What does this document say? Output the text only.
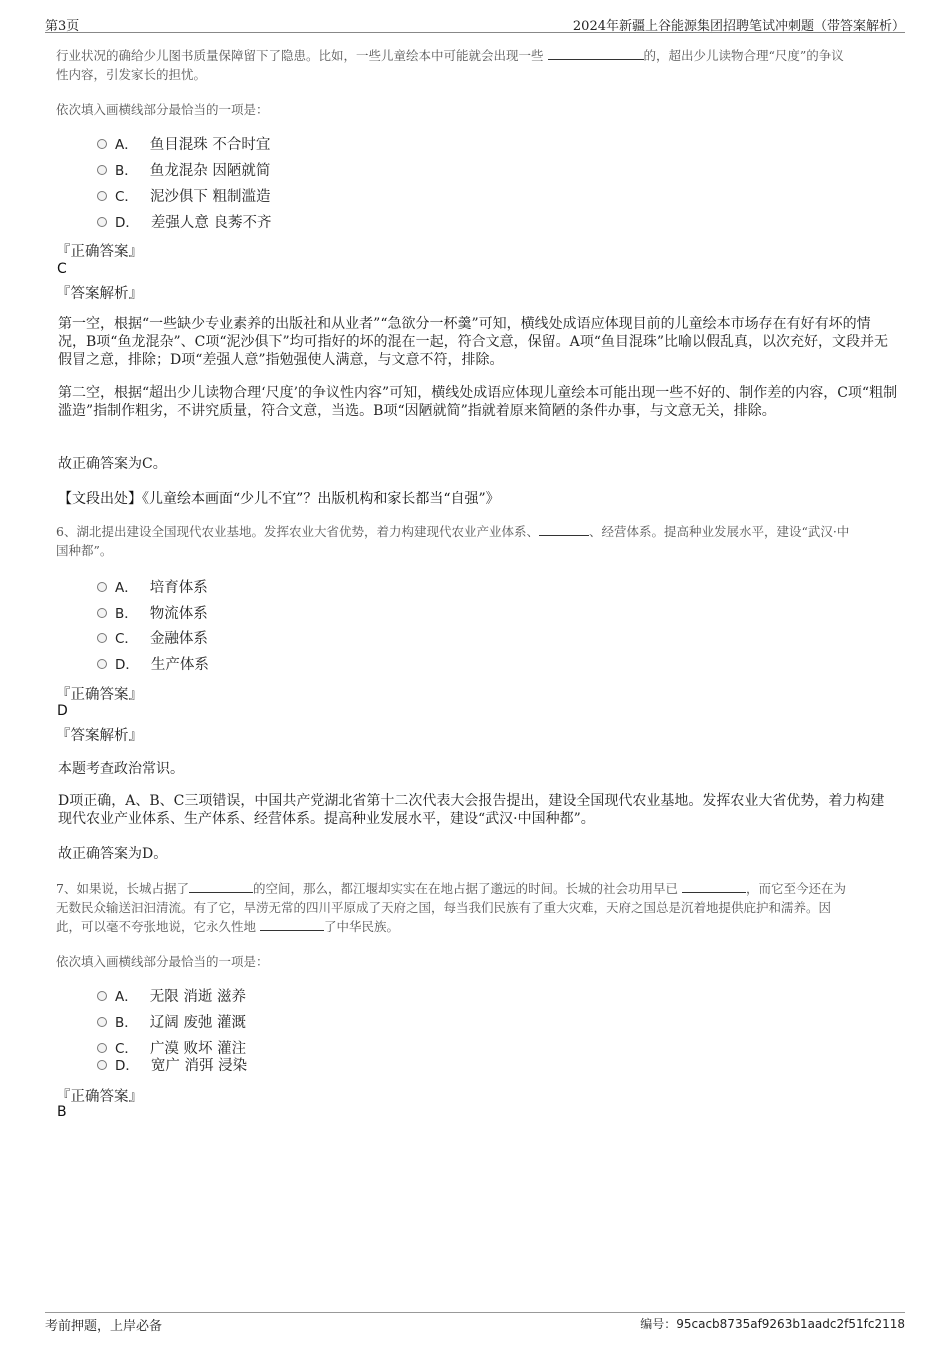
第3页	2024年新疆上谷能源集团招聘笔试冲刺题（带答案解析）
行业状况的确给少儿图书质量保障留下了隐患。比如，一些儿童绘本中可能就会出现一些	的，超出少儿读物合理“尺度”的争议
性内容，引发家长的担忧。
依次填入画横线部分最恰当的一项是：
A． 鱼目混珠 不合时宜
B． 鱼龙混杂 因陋就简
C． 泥沙俱下 粗制滥造
D． 差强人意 良莠不齐
『正确答案』
C
『答案解析』
第一空，根据“一些缺少专业素养的出版社和从业者”“急欲分一杯羹”可知，横线处成语应体现目前的儿童绘本市场存在有好有坏的情况，B项“鱼龙混杂”、C项“泥沙俱下”均可指好的坏的混在一起，符合文意，保留。A项“鱼目混珠”比喻以假乱真，以次充好，文段并无假冒之意，排除；D项“差强人意”指勉强使人满意，与文意不符，排除。
第二空，根据“超出少儿读物合理‘尺度’的争议性内容”可知，横线处成语应体现儿童绘本可能出现一些不好的、制作差的内容，C项“粗制滥造”指制作粗劣，不讲究质量，符合文意，当选。B项“因陋就简”指就着原来简陋的条件办事，与文意无关，排除。
故正确答案为C。
【文段出处】《儿童绘本画面“少儿不宜”？出版机构和家长都当“自强”》
6、湖北提出建设全国现代农业基地。发挥农业大省优势，着力构建现代农业产业体系、	、经营体系。提高种业发展水平，建设“武汉·中
国种都”。
A． 培育体系
B． 物流体系
C． 金融体系
D． 生产体系
『正确答案』
D
『答案解析』
本题考查政治常识。
D项正确，A、B、C三项错误，中国共产党湖北省第十二次代表大会报告提出，建设全国现代农业基地。发挥农业大省优势，着力构建现代农业产业体系、生产体系、经营体系。提高种业发展水平，建设“武汉·中国种都”。
故正确答案为D。
7、如果说，长城占据了	的空间，那么，都江堰却实实在在地占据了邈远的时间。长城的社会功用早已	，而它至今还在为
无数民众输送汩汩清流。有了它，旱涝无常的四川平原成了天府之国，每当我们民族有了重大灾难，天府之国总是沉着地提供庇护和濡养。因
此，可以毫不夸张地说，它永久性地	了中华民族。
依次填入画横线部分最恰当的一项是：
A． 无限 消逝 滋养
B． 辽阔 废弛 灌溉
C． 广漠 败坏 灌注
D． 宽广 消弭 浸染
『正确答案』
B
考前押题，上岸必备	编号：95cacb8735af9263b1aadc2f51fc2118
